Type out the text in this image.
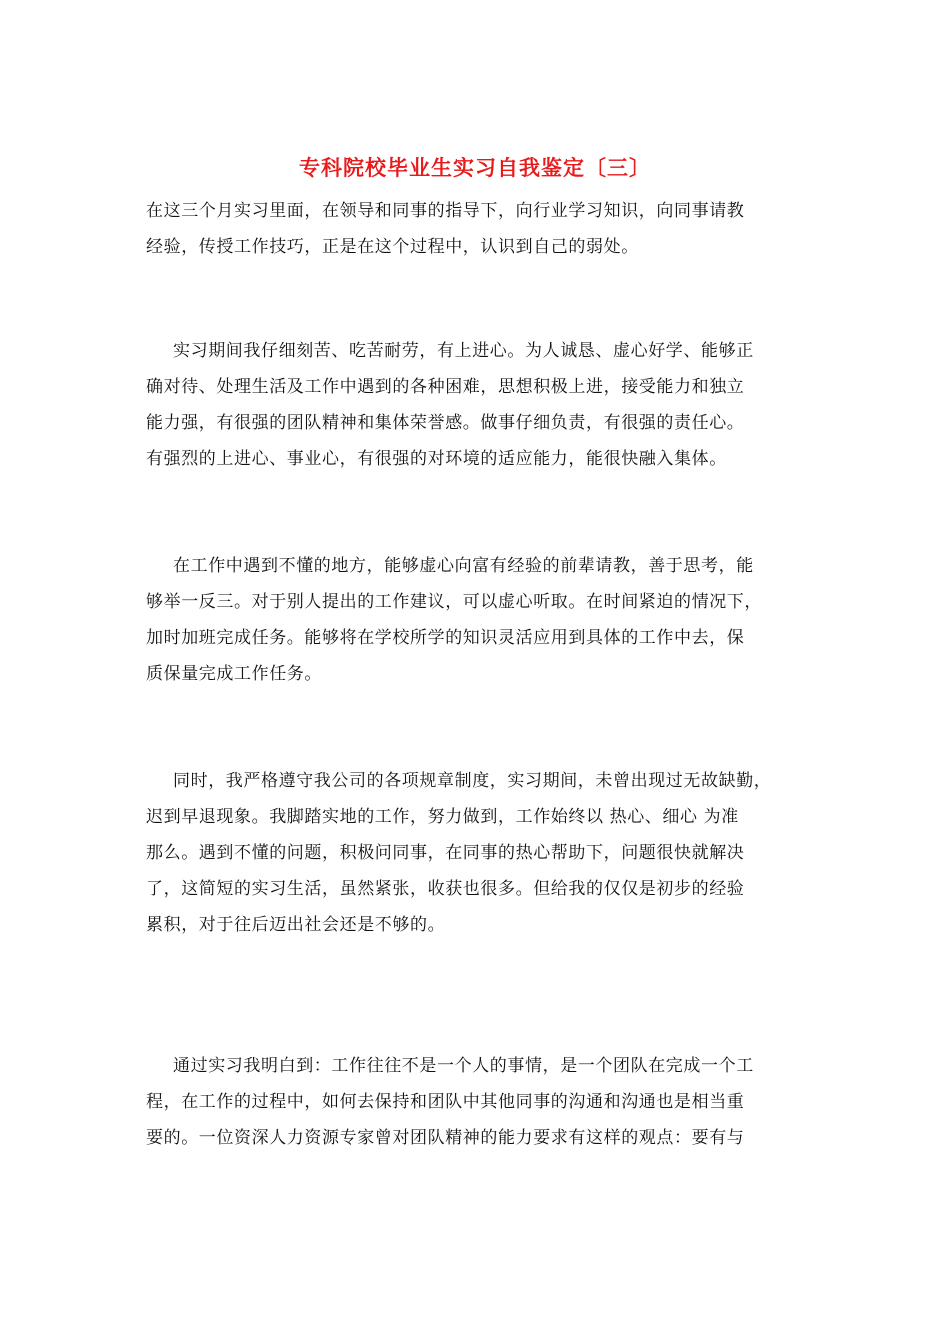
专科院校毕业生实习自我鉴定〔三〕
在这三个月实习里面，在领导和同事的指导下，向行业学习知识，向同事请教
经验，传授工作技巧，正是在这个过程中，认识到自己的弱处。
实习期间我仔细刻苦、吃苦耐劳，有上进心。为人诚恳、虚心好学、能够正
确对待、处理生活及工作中遇到的各种困难，思想积极上进，接受能力和独立
能力强，有很强的团队精神和集体荣誉感。做事仔细负责，有很强的责任心。
有强烈的上进心、事业心，有很强的对环境的适应能力，能很快融入集体。
在工作中遇到不懂的地方，能够虚心向富有经验的前辈请教，善于思考，能
够举一反三。对于别人提出的工作建议，可以虚心听取。在时间紧迫的情况下，
加时加班完成任务。能够将在学校所学的知识灵活应用到具体的工作中去，保
质保量完成工作任务。
同时，我严格遵守我公司的各项规章制度，实习期间，未曾出现过无故缺勤，
迟到早退现象。我脚踏实地的工作，努力做到，工作始终以 热心、细心 为准
那么。遇到不懂的问题，积极问同事，在同事的热心帮助下，问题很快就解决
了，这简短的实习生活，虽然紧张，收获也很多。但给我的仅仅是初步的经验
累积，对于往后迈出社会还是不够的。
通过实习我明白到：工作往往不是一个人的事情，是一个团队在完成一个工
程，在工作的过程中，如何去保持和团队中其他同事的沟通和沟通也是相当重
要的。一位资深人力资源专家曾对团队精神的能力要求有这样的观点：要有与
